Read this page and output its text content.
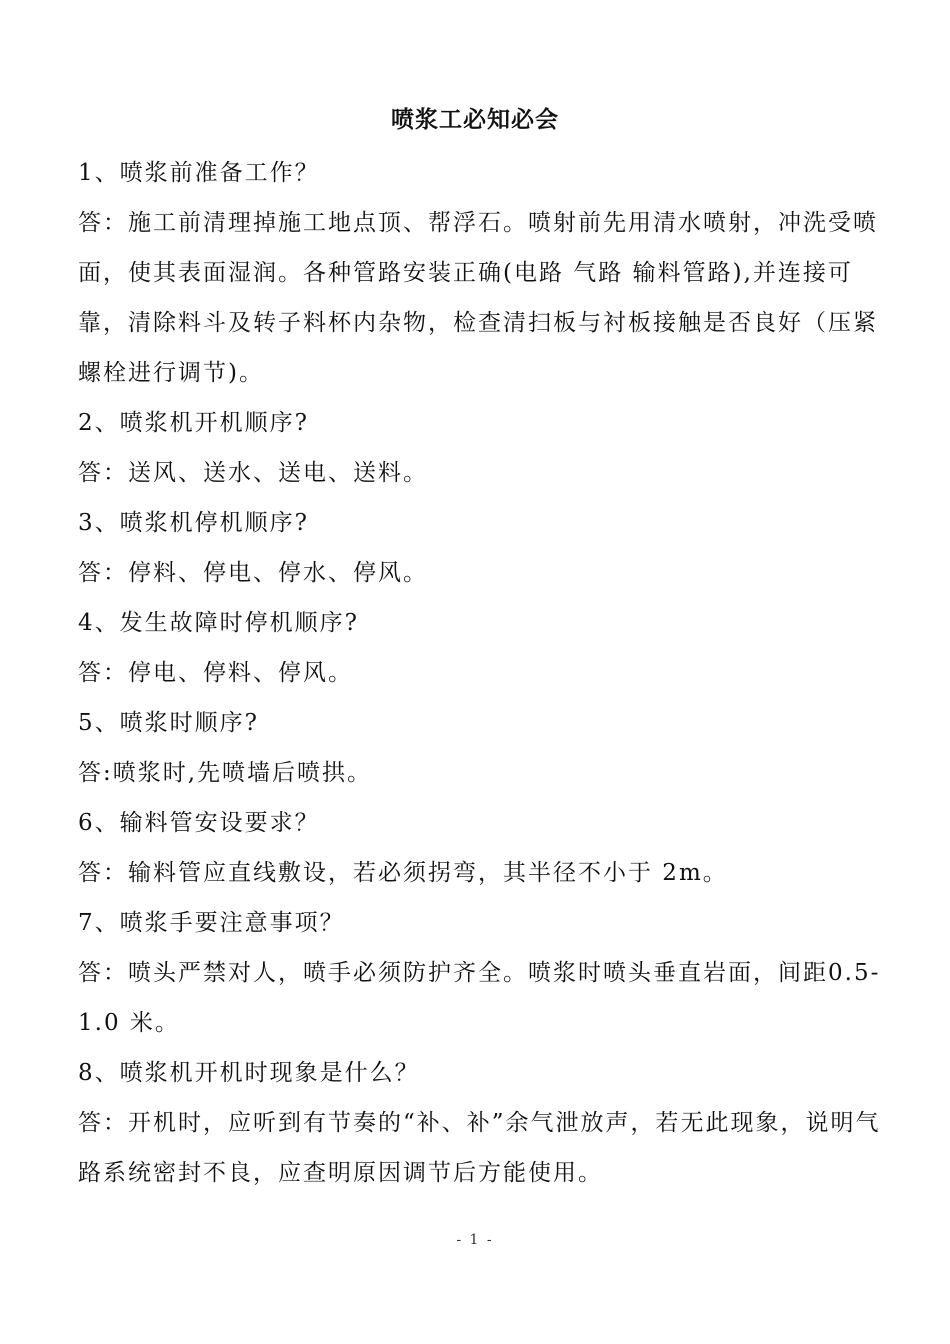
喷浆工必知必会

1、喷浆前准备工作？

答：施工前清理掉施工地点顶、帮浮石。喷射前先用清水喷射，冲洗受喷面，使其表面湿润。各种管路安装正确(电路 气路 输料管路),并连接可靠，清除料斗及转子料杯内杂物，检查清扫板与衬板接触是否良好（压紧螺栓进行调节)。

2、喷浆机开机顺序?

答：送风、送水、送电、送料。

3、喷浆机停机顺序?

答：停料、停电、停水、停风。

4、发生故障时停机顺序?

答：停电、停料、停风。

5、喷浆时顺序?

答:喷浆时,先喷墙后喷拱。

6、输料管安设要求？

答：输料管应直线敷设，若必须拐弯，其半径不小于 2m。

7、喷浆手要注意事项？

答：喷头严禁对人，喷手必须防护齐全。喷浆时喷头垂直岩面，间距0.5-1.0 米。

8、喷浆机开机时现象是什么？

答：开机时，应听到有节奏的“补、补”余气泄放声，若无此现象，说明气路系统密封不良，应查明原因调节后方能使用。

- 1 -
